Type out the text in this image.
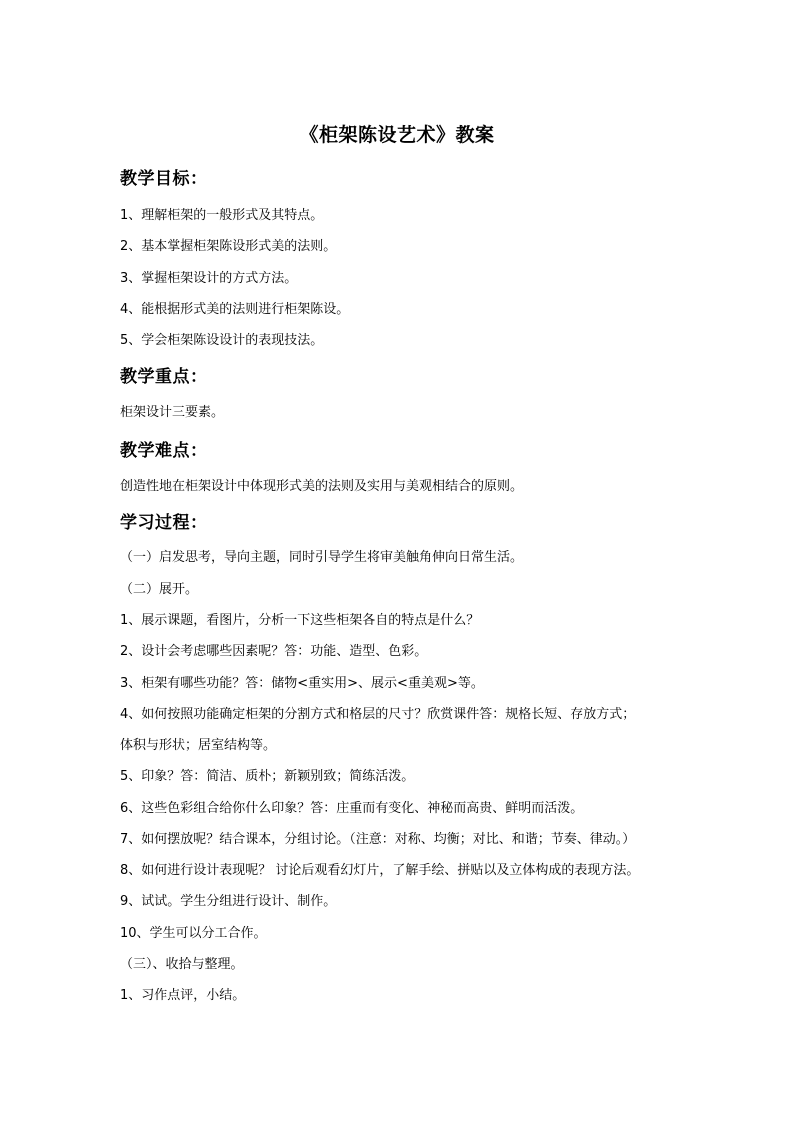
《柜架陈设艺术》教案
教学目标：
1、理解柜架的一般形式及其特点。
2、基本掌握柜架陈设形式美的法则。
3、掌握柜架设计的方式方法。
4、能根据形式美的法则进行柜架陈设。
5、学会柜架陈设设计的表现技法。
教学重点：
柜架设计三要素。
教学难点：
创造性地在柜架设计中体现形式美的法则及实用与美观相结合的原则。
学习过程：
（一）启发思考，导向主题，同时引导学生将审美触角伸向日常生活。
（二）展开。
1、展示课题，看图片，分析一下这些柜架各自的特点是什么？
2、设计会考虑哪些因素呢？答：功能、造型、色彩。
3、柜架有哪些功能？答：储物<重实用>、展示<重美观>等。
4、如何按照功能确定柜架的分割方式和格层的尺寸？欣赏课件答：规格长短、存放方式；
体积与形状；居室结构等。
5、印象？答：简洁、质朴；新颖别致；简练活泼。
6、这些色彩组合给你什么印象？答：庄重而有变化、神秘而高贵、鲜明而活泼。
7、如何摆放呢？结合课本，分组讨论。（注意：对称、均衡；对比、和谐；节奏、律动。）
8、如何进行设计表现呢？ 讨论后观看幻灯片，了解手绘、拼贴以及立体构成的表现方法。
9、试试。学生分组进行设计、制作。
10、学生可以分工合作。
（三）、收拾与整理。
1、习作点评，小结。
